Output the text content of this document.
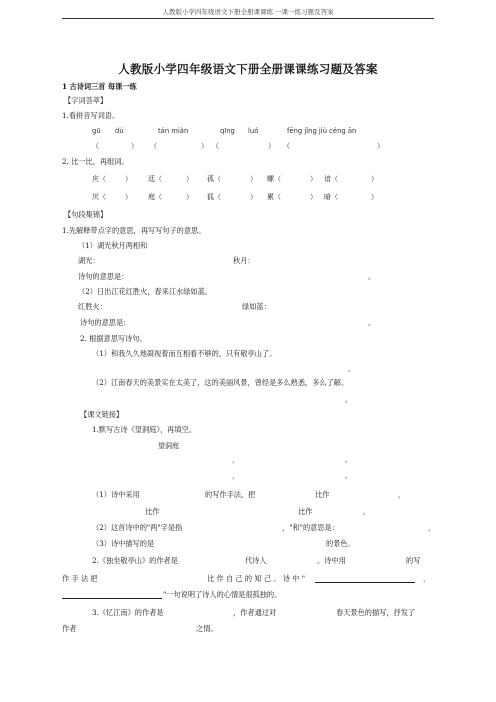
人教版小学四年级语文下册全册课课练 一课一练习题及答案
人教版小学四年级语文下册全册课课练习题及答案
1 古诗词三首 每课一练
【字词荟萃】
1.看拼音写词语。
gū dú	tán miàn	qīng luó	fēng jǐng jiù céng ān
（	） （	） （	） （	）
2. 比一比，再组词。
庆（	） 廷（	） 孤（	） 螺（	） 谙（	）
厌（	） 庭（	） 狐（	） 累（	） 暗（	）
【句段集锦】
1.先解释带点字的意思，再写写句子的意思。
（1）湖光秋月两相和
湖光：	秋月：
诗句的意思是：	。
（2）日出江花红胜火，春来江水绿如蓝。
红胜火：	绿如蓝：
诗句的意思是：	。
2. 根据意思写诗句。
（1）和我久久地凝视着而互相看不够的，只有敬亭山了。
。
（2）江南春天的美景实在太美了，这的美丽风景，曾经是多么熟悉，多么了解。
。
【课文链接】
1.默写古诗《望洞庭》，再填空。
望洞庭
，	。
，	。
（1）诗中采用	的写作手法，把	比作	，
比作	比作	。
（2）这首诗中的"两"字是指	，"和"的意思是：	，
（3）诗中描写的是	的景色。
2.《独坐敬亭山》的作者是	代诗人	。诗中用	的写
作 手 法 把	比 作 自 己 的 知 己 。 诗 中 "	，
"一句说明了诗人的心情是很孤独的。
3.《忆江南》的作者是	，作者通过对	春天景色的描写，抒发了
作者	之情。
